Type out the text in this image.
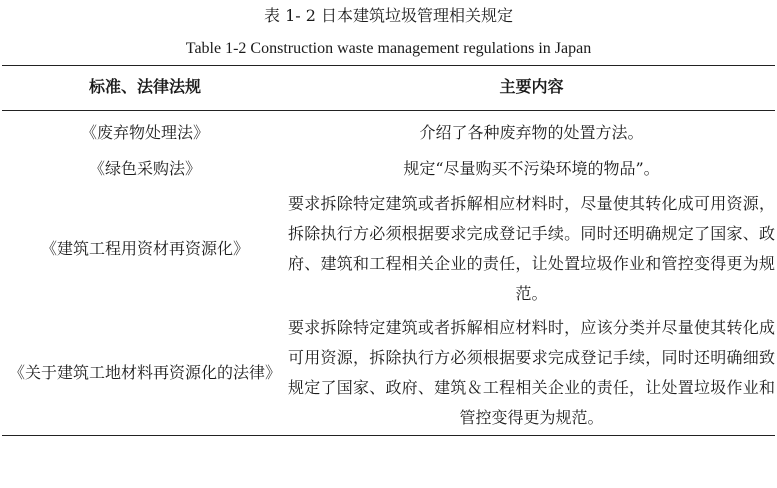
表 1- 2 日本建筑垃圾管理相关规定
Table 1-2 Construction waste management regulations in Japan
标准、法律法规	主要内容
《废弃物处理法》	介绍了各种废弃物的处置方法。
《绿色采购法》	规定“尽量购买不污染环境的物品”。
《建筑工程用资材再资源化》	要求拆除特定建筑或者拆解相应材料时，尽量使其转化成可用资源，拆除执行方必须根据要求完成登记手续。同时还明确规定了国家、政府、建筑和工程相关企业的责任，让处置垃圾作业和管控变得更为规范。
《关于建筑工地材料再资源化的法律》	要求拆除特定建筑或者拆解相应材料时，应该分类并尽量使其转化成可用资源，拆除执行方必须根据要求完成登记手续，同时还明确细致规定了国家、政府、建筑＆工程相关企业的责任，让处置垃圾作业和管控变得更为规范。
